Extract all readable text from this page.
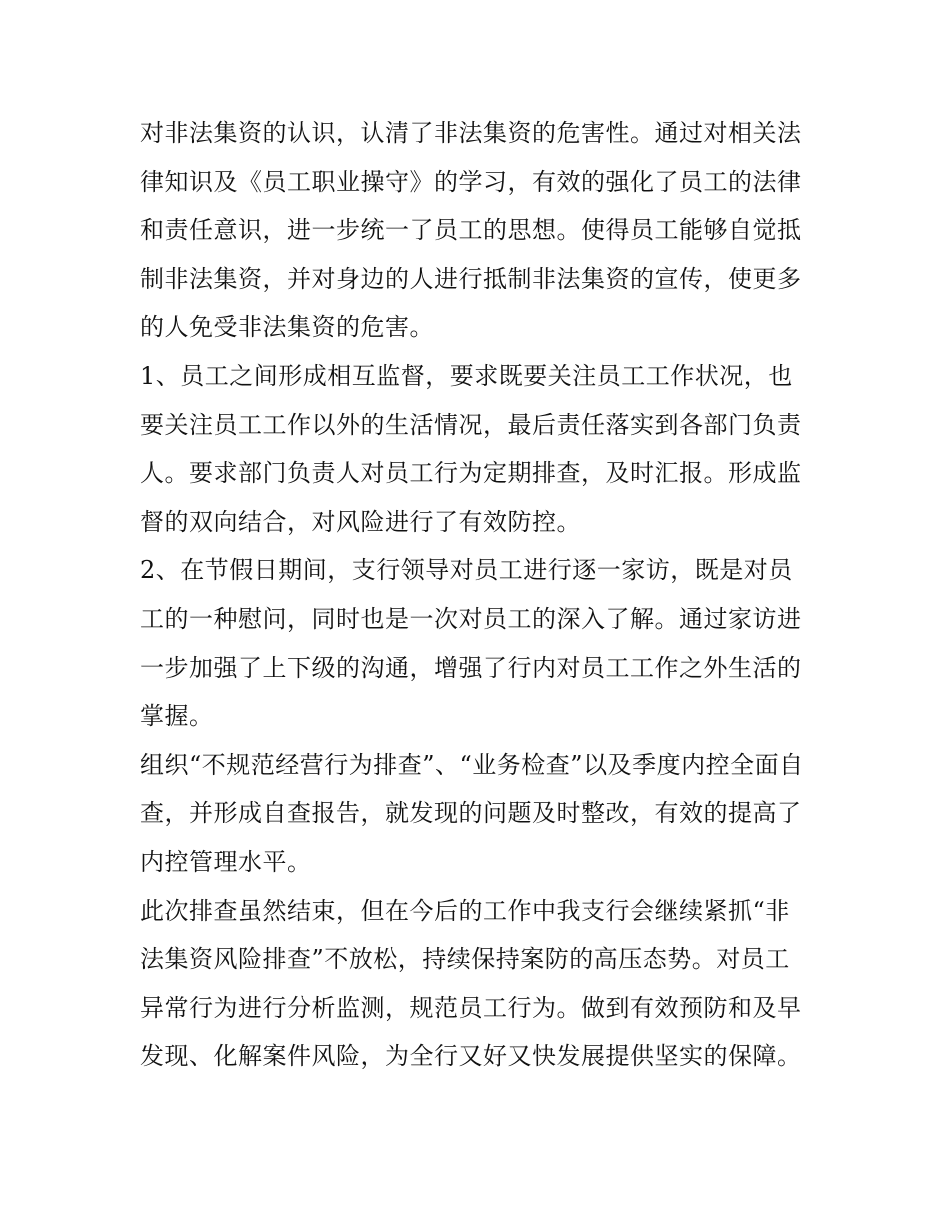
对非法集资的认识，认清了非法集资的危害性。通过对相关法
律知识及《员工职业操守》的学习，有效的强化了员工的法律
和责任意识，进一步统一了员工的思想。使得员工能够自觉抵
制非法集资，并对身边的人进行抵制非法集资的宣传，使更多
的人免受非法集资的危害。

1、员工之间形成相互监督，要求既要关注员工工作状况，也
要关注员工工作以外的生活情况，最后责任落实到各部门负责
人。要求部门负责人对员工行为定期排查，及时汇报。形成监
督的双向结合，对风险进行了有效防控。

2、在节假日期间，支行领导对员工进行逐一家访，既是对员
工的一种慰问，同时也是一次对员工的深入了解。通过家访进
一步加强了上下级的沟通，增强了行内对员工工作之外生活的
掌握。

组织“不规范经营行为排查”、“业务检查”以及季度内控全面自
查，并形成自查报告，就发现的问题及时整改，有效的提高了
内控管理水平。

此次排查虽然结束，但在今后的工作中我支行会继续紧抓“非
法集资风险排查”不放松，持续保持案防的高压态势。对员工
异常行为进行分析监测，规范员工行为。做到有效预防和及早
发现、化解案件风险，为全行又好又快发展提供坚实的保障。
